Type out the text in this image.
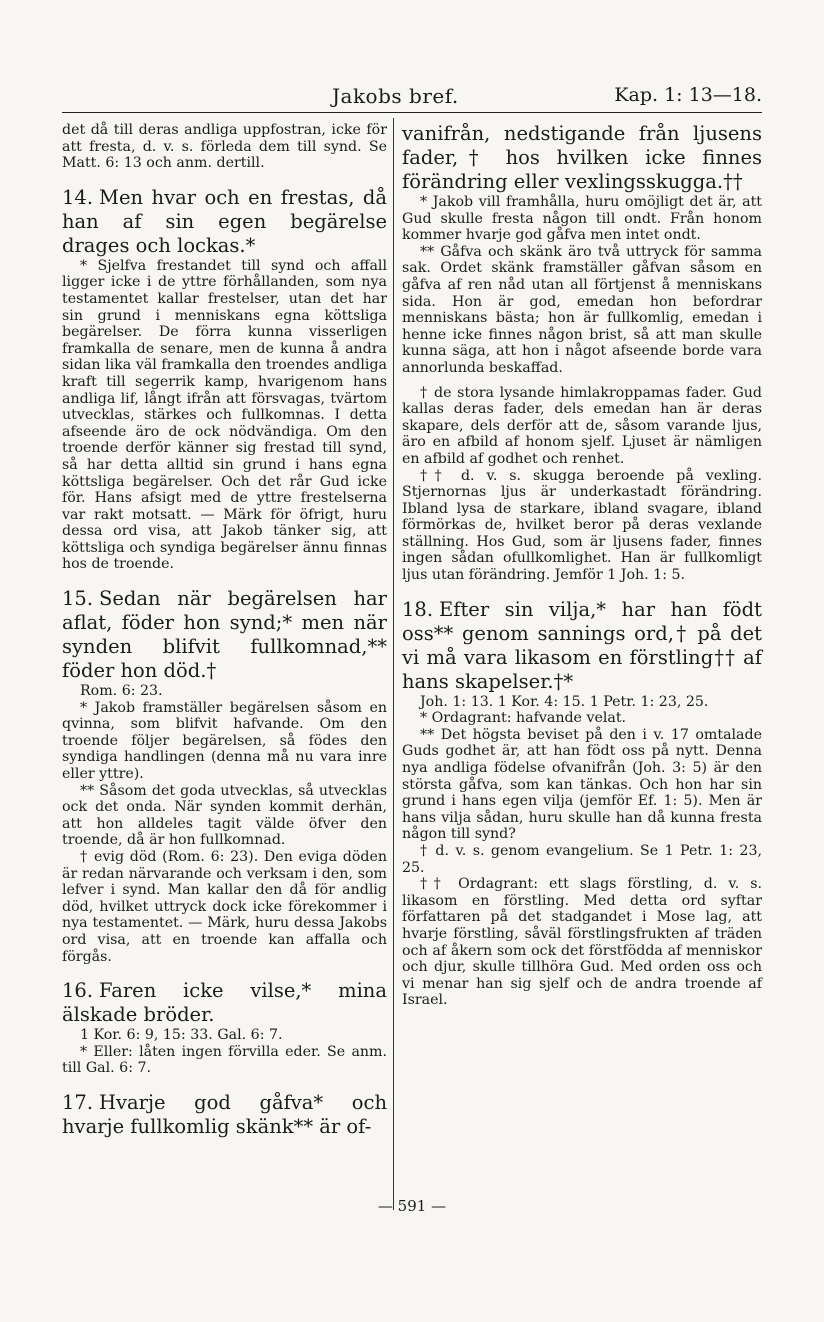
Jakobs bref.	Kap. 1: 13—18.

det då till deras andliga uppfostran, icke för att fresta, d. v. s. förleda dem till synd. Se Matt. 6: 13 och anm. dertill.

14. Men hvar och en frestas, då han af sin egen begärelse drages och lockas.*

* Sjelfva frestandet till synd och affall ligger icke i de yttre förhållanden, som nya testamentet kallar frestelser, utan det har sin grund i menniskans egna köttsliga begärelser. De förra kunna visserligen framkalla de senare, men de kunna å andra sidan lika väl framkalla den troendes andliga kraft till segerrik kamp, hvarigenom hans andliga lif, långt ifrån att försvagas, tvärtom utvecklas, stärkes och fullkomnas. I detta afseende äro de ock nödvändiga. Om den troende derför känner sig frestad till synd, så har detta alltid sin grund i hans egna köttsliga begärelser. Och det rår Gud icke för. Hans afsigt med de yttre frestelserna var rakt motsatt. — Märk för öfrigt, huru dessa ord visa, att Jakob tänker sig, att köttsliga och syndiga begärelser ännu finnas hos de troende.

15. Sedan när begärelsen har aflat, föder hon synd;* men när synden blifvit fullkomnad,** föder hon död.†

Rom. 6: 23.

* Jakob framställer begärelsen såsom en qvinna, som blifvit hafvande. Om den troende följer begärelsen, så födes den syndiga handlingen (denna må nu vara inre eller yttre).

** Såsom det goda utvecklas, så utvecklas ock det onda. När synden kommit derhän, att hon alldeles tagit välde öfver den troende, då är hon fullkomnad.

† evig död (Rom. 6: 23). Den eviga döden är redan närvarande och verksam i den, som lefver i synd. Man kallar den då för andlig död, hvilket uttryck dock icke förekommer i nya testamentet. — Märk, huru dessa Jakobs ord visa, att en troende kan affalla och förgås.

16. Faren icke vilse,* mina älskade bröder.

1 Kor. 6: 9, 15: 33. Gal. 6: 7.

* Eller: låten ingen förvilla eder. Se anm. till Gal. 6: 7.

17. Hvarje god gåfva* och hvarje fullkomlig skänk** är of-

vanifrån, nedstigande från ljusens fader,† hos hvilken icke finnes förändring eller vexlingsskugga.††

* Jakob vill framhålla, huru omöjligt det är, att Gud skulle fresta någon till ondt. Från honom kommer hvarje god gåfva men intet ondt.

** Gåfva och skänk äro två uttryck för samma sak. Ordet skänk framställer gåfvan såsom en gåfva af ren nåd utan all förtjenst å menniskans sida. Hon är god, emedan hon befordrar menniskans bästa; hon är fullkomlig, emedan i henne icke finnes någon brist, så att man skulle kunna säga, att hon i något afseende borde vara annorlunda beskaffad.

† de stora lysande himlakroppamas fader. Gud kallas deras fader, dels emedan han är deras skapare, dels derför att de, såsom varande ljus, äro en afbild af honom sjelf. Ljuset är nämligen en afbild af godhet och renhet.

†† d. v. s. skugga beroende på vexling. Stjernornas ljus är underkastadt förändring. Ibland lysa de starkare, ibland svagare, ibland förmörkas de, hvilket beror på deras vexlande ställning. Hos Gud, som är ljusens fader, finnes ingen sådan ofullkomlighet. Han är fullkomligt ljus utan förändring. Jemför 1 Joh. 1: 5.

18. Efter sin vilja,* har han födt oss** genom sannings ord,† på det vi må vara likasom en förstling†† af hans skapelser.†*

Joh. 1: 13. 1 Kor. 4: 15. 1 Petr. 1: 23, 25.

* Ordagrant: hafvande velat.

** Det högsta beviset på den i v. 17 omtalade Guds godhet är, att han födt oss på nytt. Denna nya andliga födelse ofvanifrån (Joh. 3: 5) är den största gåfva, som kan tänkas. Och hon har sin grund i hans egen vilja (jemför Ef. 1: 5). Men är hans vilja sådan, huru skulle han då kunna fresta någon till synd?

† d. v. s. genom evangelium. Se 1 Petr. 1: 23, 25.

†† Ordagrant: ett slags förstling, d. v. s. likasom en förstling. Med detta ord syftar författaren på det stadgandet i Mose lag, att hvarje förstling, såväl förstlingsfrukten af träden och af åkern som ock det förstfödda af menniskor och djur, skulle tillhöra Gud. Med orden oss och vi menar han sig sjelf och de andra troende af Israel.

— 591 —
